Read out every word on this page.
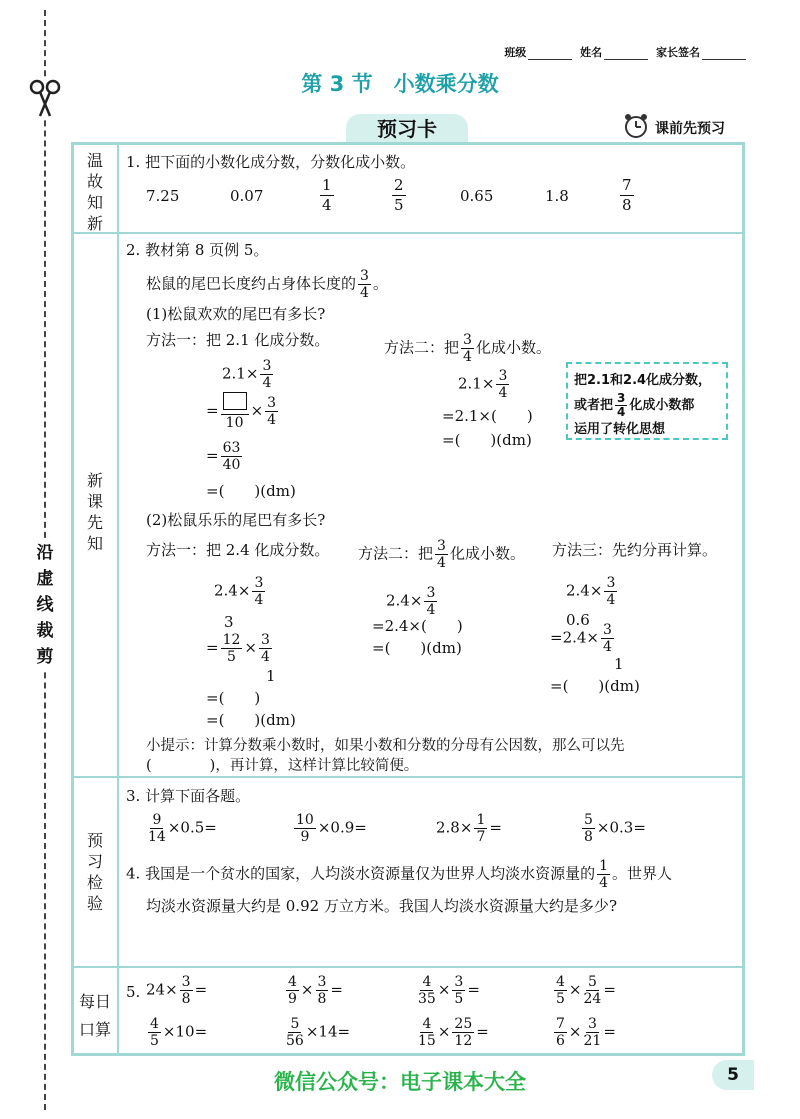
沿虚线裁剪
班级	姓名	家长签名
第 3 节　小数乘分数
预习卡	课前先预习
温
故
知
新
新
课
先
知
预
习
检
验
每日
口算
1. 把下面的小数化成分数，分数化成小数。
7.25	0.07	$\frac{1}{4}$	$\frac{2}{5}$	0.65	1.8	$\frac{7}{8}$
2. 教材第 8 页例 5。
松鼠的尾巴长度约占身体长度的 $\frac{3}{4}$ 。
(1)松鼠欢欢的尾巴有多长?
方法一：把 2.1 化成分数。	方法二：把 $\frac{3}{4}$ 化成小数。
$2.1\times \frac{3}{4}$
=
10
× $\frac{3}{4}$
= $\frac{63}{40}$
=(　　)(dm)
$2.1\times \frac{3}{4}$
=2.1×(　　)
=(　　)(dm)
把2.1和2.4化成分数，
或者把 $\frac{3}{4}$ 化成小数都
运用了转化思想
(2)松鼠乐乐的尾巴有多长?
方法一：把 2.4 化成分数。 方法二：把 $\frac{3}{4}$ 化成小数。 方法三：先约分再计算。
$2.4\times \frac{3}{4}$
3
= $\frac{12}{5} \times \frac{3}{4}$
1
=(　　)
=(　　)(dm)
$2.4\times \frac{3}{4}$
=2.4×(　　)
=(　　)(dm)
$2.4\times \frac{3}{4}$
0.6
$=2.4\times \frac{3}{4}$
1
=(　　)(dm)
小提示：计算分数乘小数时，如果小数和分数的分母有公因数，那么可以先
(　　　　)，再计算，这样计算比较简便。
3. 计算下面各题。
$\frac{9}{14} \times 0.5=$	$\frac{10}{9} \times 0.9=$	$2.8\times \frac{1}{7}$ =	$\frac{5}{8} \times 0.3=$
4. 我国是一个贫水的国家，人均淡水资源量仅为世界人均淡水资源量的 $\frac{1}{4}$ 。世界人
均淡水资源量大约是 0.92 万立方米。我国人均淡水资源量大约是多少?
5. $24\times \frac{3}{8}$ =	$\frac{4}{9} \times \frac{3}{8}$ =	$\frac{4}{35} \times \frac{3}{5}$ =	$\frac{4}{5} \times \frac{5}{24}$ =
$\frac{4}{5} \times 10=$	$\frac{5}{56} \times 14=$	$\frac{4}{15} \times \frac{25}{12}$ =	$\frac{7}{6} \times \frac{3}{21}$ =
微信公众号：电子课本大全	5
